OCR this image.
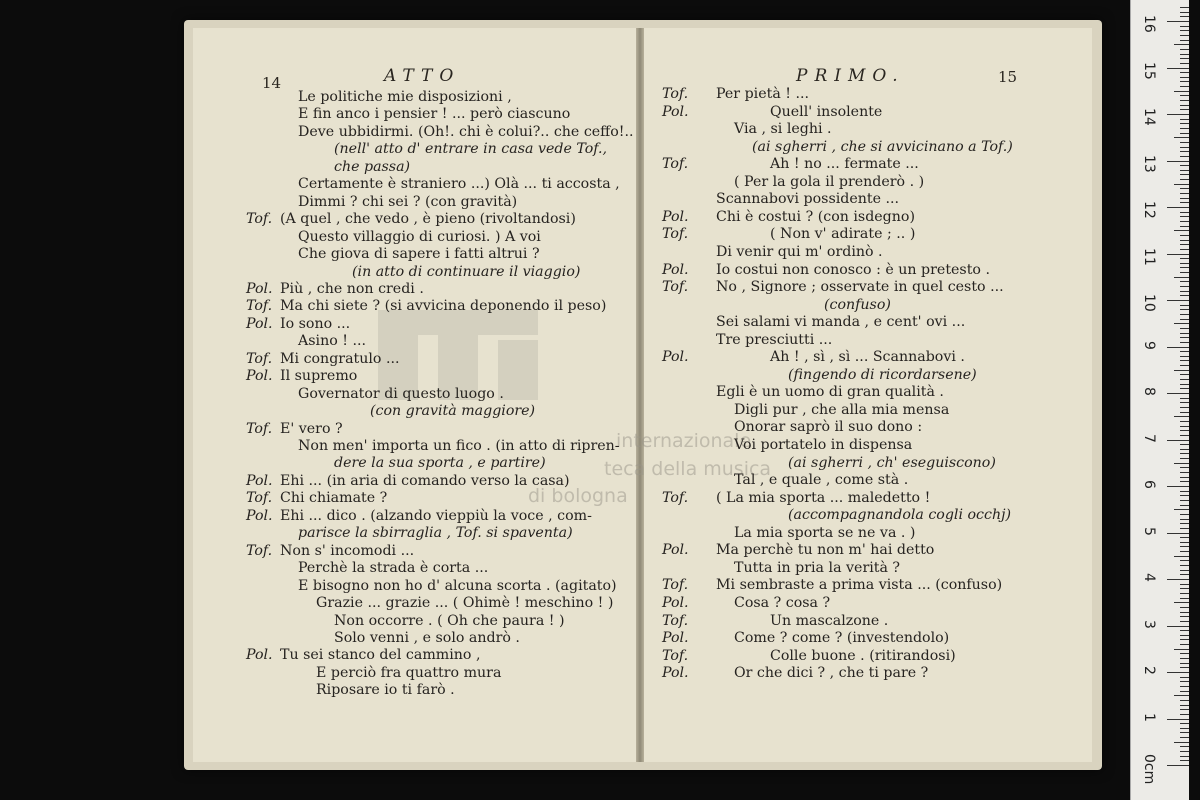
internazionale
teca della musica
di bologna
14	ATTO	PRIMO.	15
Le politiche mie disposizioni ,
E fin anco i pensier ! ... però ciascuno
Deve ubbidirmi. (Oh!. chi è colui?.. che ceffo!..
(nell' atto d' entrare in casa vede Tof.,
che passa)
Certamente è straniero ...) Olà ... ti accosta ,
Dimmi ? chi sei ? (con gravità)
Tof. (A quel , che vedo , è pieno (rivoltandosi)
Questo villaggio di curiosi. ) A voi
Che giova di sapere i fatti altrui ?
(in atto di continuare il viaggio)
Pol. Più , che non credi .
Tof. Ma chi siete ? (si avvicina deponendo il peso)
Pol. Io sono ...
Asino ! ...
Tof. Mi congratulo ...
Pol. Il supremo
Governator di questo luogo .
(con gravità maggiore)
Tof. E' vero ?
Non men' importa un fico . (in atto di ripren-
dere la sua sporta , e partire)
Pol. Ehi ... (in aria di comando verso la casa)
Tof. Chi chiamate ?
Pol. Ehi ... dico . (alzando vieppiù la voce , com-
parisce la sbirraglia , Tof. si spaventa)
Tof. Non s' incomodi ...
Perchè la strada è corta ...
E bisogno non ho d' alcuna scorta . (agitato)
Grazie ... grazie ... ( Ohimè ! meschino ! )
Non occorre . ( Oh che paura ! )
Solo venni , e solo andrò .
Pol. Tu sei stanco del cammino ,
E perciò fra quattro mura
Riposare io ti farò .
Tof. Per pietà ! ...
Pol.	Quell' insolente
Via , si leghi .
(ai sgherri , che si avvicinano a Tof.)
Tof.	Ah ! no ... fermate ...
( Per la gola il prenderò . )
Scannabovi possidente ...
Pol. Chi è costui ? (con isdegno)
Tof.	( Non v' adirate ; .. )
Di venir qui m' ordinò .
Pol. Io costui non conosco : è un pretesto .
Tof. No , Signore ; osservate in quel cesto ...
(confuso)
Sei salami vi manda , e cent' ovi ...
Tre presciutti ...
Pol.	Ah ! , sì , sì ... Scannabovi .
(fingendo di ricordarsene)
Egli è un uomo di gran qualità .
Digli pur , che alla mia mensa
Onorar saprò il suo dono :
Voi portatelo in dispensa
(ai sgherri , ch' eseguiscono)
Tal , e quale , come stà .
Tof. ( La mia sporta ... maledetto !
(accompagnandola cogli occhj)
La mia sporta se ne va . )
Pol. Ma perchè tu non m' hai detto
Tutta in pria la verità ?
Tof. Mi sembraste a prima vista ... (confuso)
Pol.	Cosa ? cosa ?
Tof.	Un mascalzone .
Pol.	Come ? come ? (investendolo)
Tof.	Colle buone . (ritirandosi)
Pol.	Or che dici ? , che ti pare ?
0cm
1
2
3
4
5
6
7
8
9
10
11
12
13
14
15
16
